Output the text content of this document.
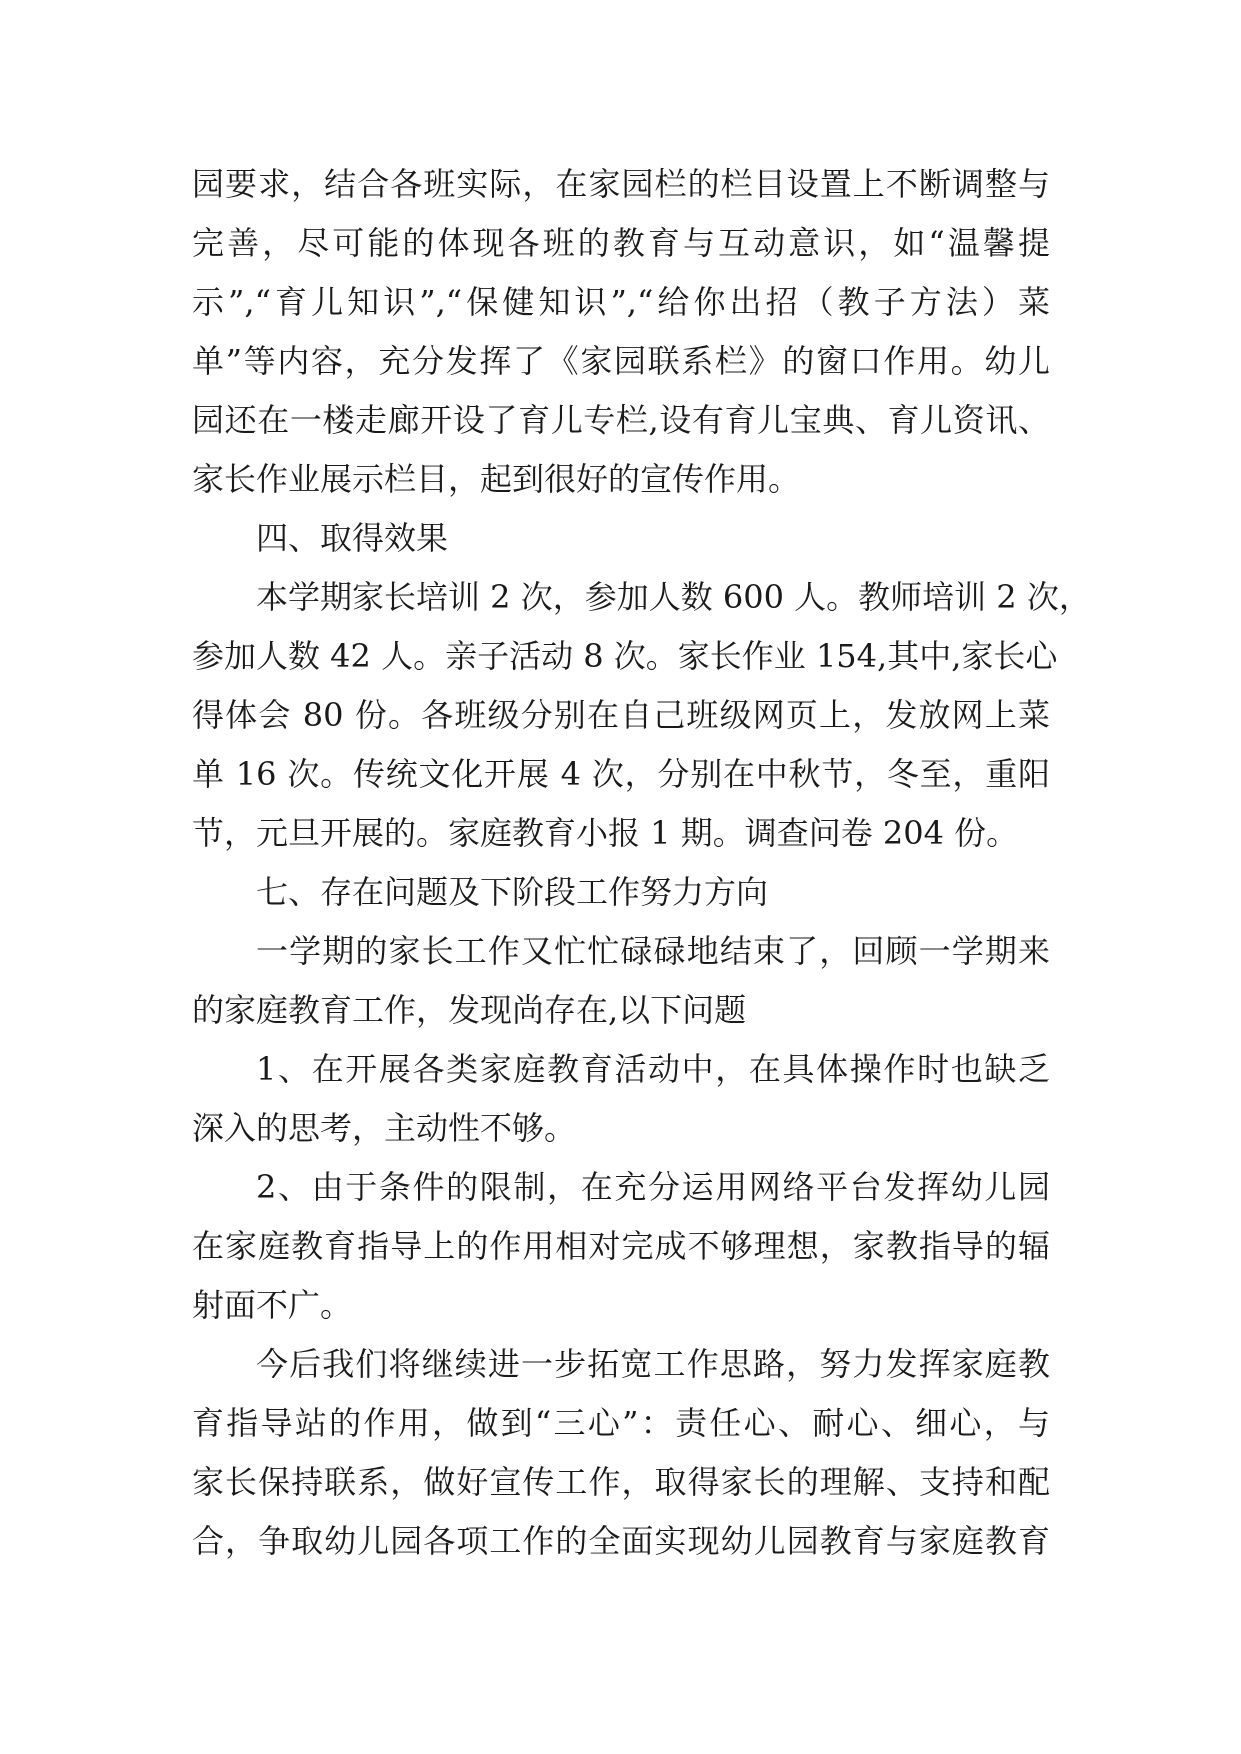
园要求，结合各班实际，在家园栏的栏目设置上不断调整与
完善，尽可能的体现各班的教育与互动意识，如“温馨提
示”,“育儿知识”,“保健知识”,“给你出招（教子方法）菜
单”等内容，充分发挥了《家园联系栏》的窗口作用。幼儿
园还在一楼走廊开设了育儿专栏,设有育儿宝典、育儿资讯、
家长作业展示栏目，起到很好的宣传作用。
四、取得效果
本学期家长培训 2 次，参加人数 600 人。教师培训 2 次，
参加人数 42 人。亲子活动 8 次。家长作业 154,其中,家长心
得体会 80 份。各班级分别在自己班级网页上，发放网上菜
单 16 次。传统文化开展 4 次，分别在中秋节，冬至，重阳
节，元旦开展的。家庭教育小报 1 期。调查问卷 204 份。
七、存在问题及下阶段工作努力方向
一学期的家长工作又忙忙碌碌地结束了，回顾一学期来
的家庭教育工作，发现尚存在,以下问题
1、在开展各类家庭教育活动中，在具体操作时也缺乏
深入的思考，主动性不够。
2、由于条件的限制，在充分运用网络平台发挥幼儿园
在家庭教育指导上的作用相对完成不够理想，家教指导的辐
射面不广。
今后我们将继续进一步拓宽工作思路，努力发挥家庭教
育指导站的作用，做到“三心”：责任心、耐心、细心，与
家长保持联系，做好宣传工作，取得家长的理解、支持和配
合，争取幼儿园各项工作的全面实现幼儿园教育与家庭教育
